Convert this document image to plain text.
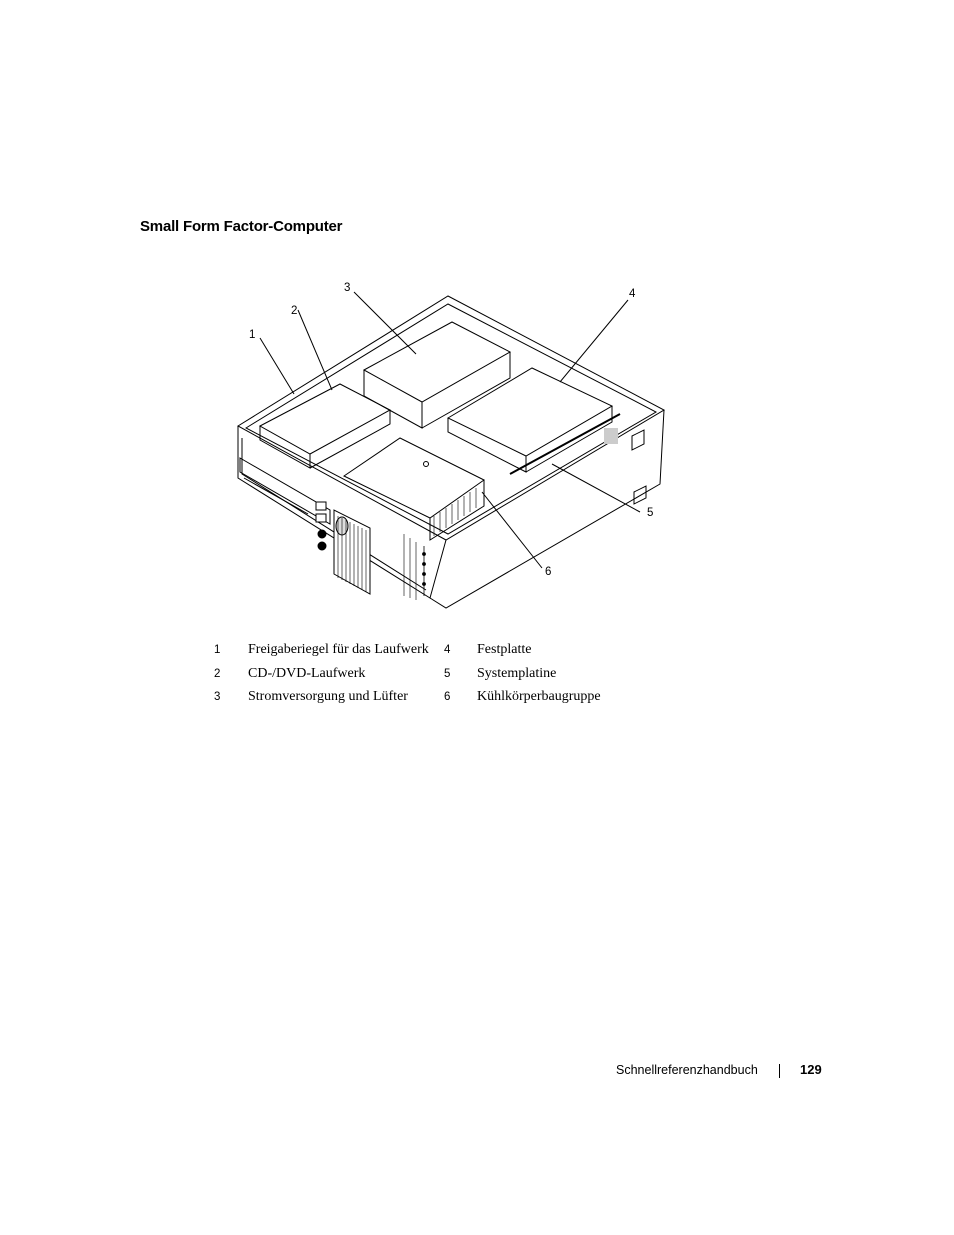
Small Form Factor-Computer
1
2
3	4
5
6
1 Freigaberiegel für das Laufwerk
2 CD-/DVD-Laufwerk
3 Stromversorgung und Lüfter
4 Festplatte
5 Systemplatine
6 Kühlkörperbaugruppe
Schnellreferenzhandbuch	129
